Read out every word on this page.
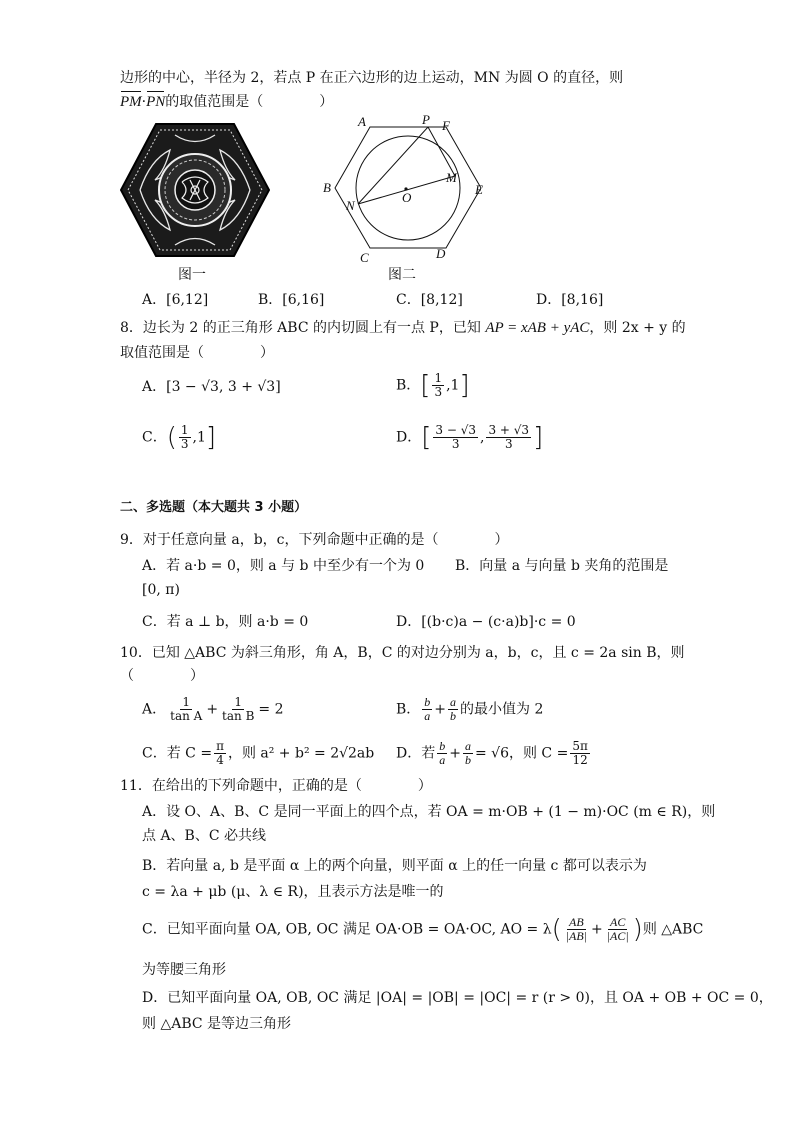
边形的中心，半径为 2，若点 P 在正六边形的边上运动，MN 为圆 O 的直径，则
PM·PN的取值范围是（　　　　）
图一
A	P F
B
M
E
N
O
C	D
图二
A．[6,12]	B．[6,16]	C．[8,12]	D．[8,16]
8．边长为 2 的正三角形 ABC 的内切圆上有一点 P，已知 AP = xAB + yAC，则 2x + y 的
取值范围是（　　　　）
A．[3 − √3, 3 + √3]	B．[ $\frac{1}{3} ,1$]
C．( $\frac{1}{3} ,1$]	D．[ $\frac{3 - √3}{3}$ , $\frac{3 + √3}{3}$ ]
二、多选题（本大题共 3 小题）
9．对于任意向量 a，b，c，下列命题中正确的是（　　　　）
A．若 a·b = 0，则 a 与 b 中至少有一个为 0 B．向量 a 与向量 b 夹角的范围是
[0, π)
C．若 a ⊥ b，则 a·b = 0	D．[(b·c)a − (c·a)b]·c = 0
10．已知 △ABC 为斜三角形，角 A，B，C 的对边分别为 a，b，c，且 c = 2a sin B，则
（　　　　）
A． $\frac{1}{\text{tan A}} + \frac{1}{\text{tan B}} = 2$	B． $\frac{b}{a} + \frac{a}{b}$ 的最小值为 2
C．若 $C = \frac{\pi}{4}$ ，则 a² + b² = 2√2ab D．若 $\frac{b}{a} + \frac{a}{b} = √6$，则 $C = \frac{5\pi}{12}$
11．在给出的下列命题中，正确的是（　　　　）
A．设 O、A、B、C 是同一平面上的四个点，若 OA = m·OB + (1 − m)·OC (m ∈ R)，则
点 A、B、C 必共线
B．若向量 a, b 是平面 α 上的两个向量，则平面 α 上的任一向量 c 都可以表示为
c = λa + μb (μ、λ ∈ R)，且表示方法是唯一的
C．已知平面向量 OA, OB, OC 满足 OA·OB = OA·OC, AO = $\lambda( \frac{AB}{|AB|} + \frac{AC}{|AC|}$ )则 △ABC
为等腰三角形
D．已知平面向量 OA, OB, OC 满足 |OA| = |OB| = |OC| = r (r > 0)，且 OA + OB + OC = 0，
则 △ABC 是等边三角形
